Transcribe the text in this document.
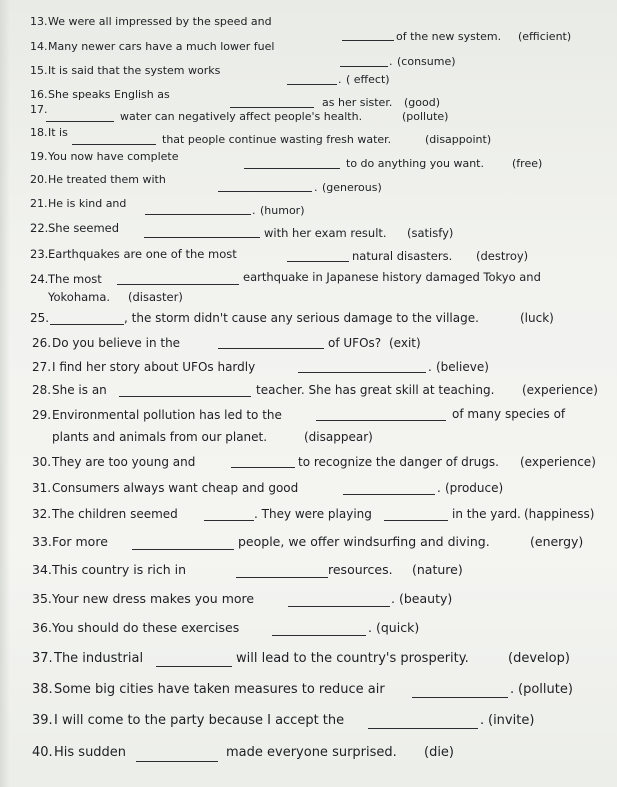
13. We were all impressed by the speed and
of the new system. (efficient)
14. Many newer cars have a much lower fuel
. (consume)
15. It is said that the system works
. ( effect)
16. She speaks English as
as her sister. (good)
17.
water can negatively affect people's health.	(pollute)
18. It is
that people continue wasting fresh water.	(disappoint)
19. You now have complete
to do anything you want.	(free)
20. He treated them with
. (generous)
21. He is kind and
. (humor)
22. She seemed	with her exam result. (satisfy)
23. Earthquakes are one of the most	natural disasters. (destroy)
24. The most	earthquake in Japanese history damaged Tokyo and
Yokohama. (disaster)
25.	, the storm didn't cause any serious damage to the village.	(luck)
26. Do you believe in the	of UFOs? (exit)
27. I find her story about UFOs hardly	. (believe)
28. She is an	teacher. She has great skill at teaching. (experience)
29. Environmental pollution has led to the	of many species of
plants and animals from our planet.	(disappear)
30. They are too young and	to recognize the danger of drugs. (experience)
31. Consumers always want cheap and good	. (produce)
32. The children seemed	. They were playing	in the yard. (happiness)
33. For more	people, we offer windsurfing and diving.	(energy)
34. This country is rich in	resources. (nature)
35. Your new dress makes you more	. (beauty)
36. You should do these exercises	. (quick)
37. The industrial	will lead to the country's prosperity.	(develop)
38. Some big cities have taken measures to reduce air	. (pollute)
39. I will come to the party because I accept the	. (invite)
40. His sudden	made everyone surprised. (die)
